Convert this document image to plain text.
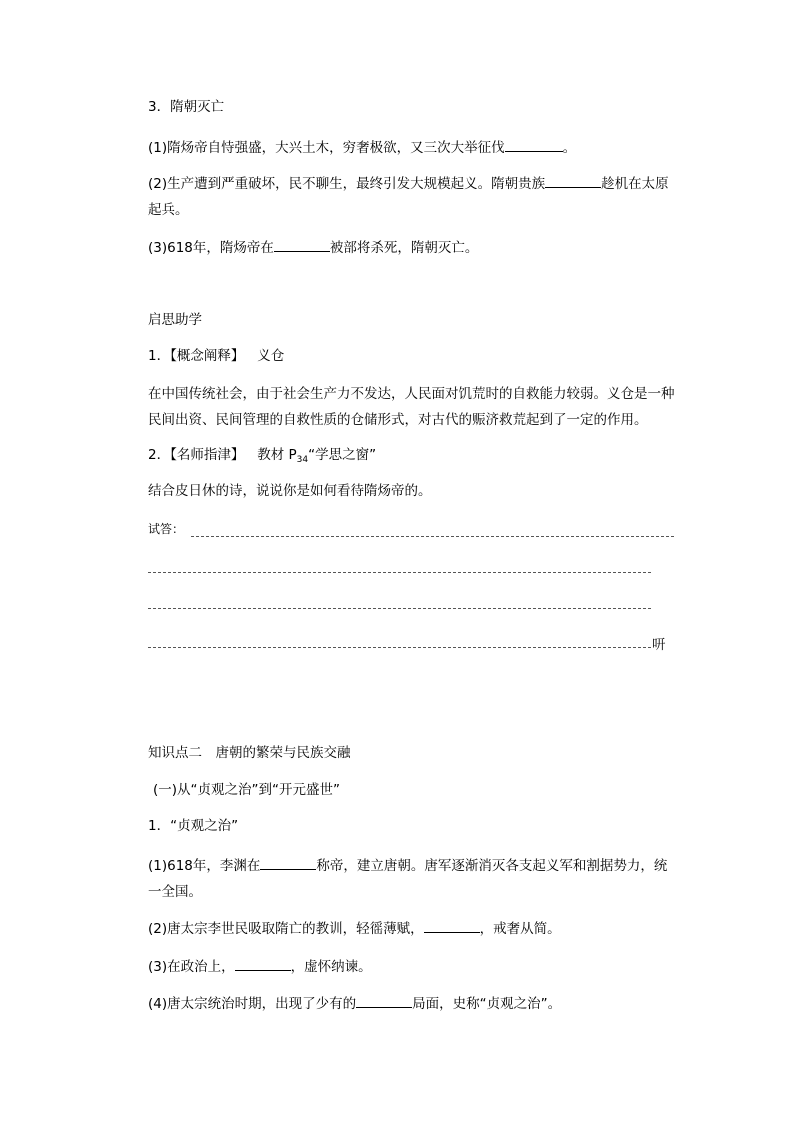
3．隋朝灭亡
(1)隋炀帝自恃强盛，大兴土木，穷奢极欲，又三次大举征伐	。
(2)生产遭到严重破坏，民不聊生，最终引发大规模起义。隋朝贵族	趁机在太原起兵。
(3)618年，隋炀帝在	被部将杀死，隋朝灭亡。
启思助学
1．【概念阐释】 义仓
在中国传统社会，由于社会生产力不发达，人民面对饥荒时的自救能力较弱。义仓是一种民间出资、民间管理的自救性质的仓储形式，对古代的赈济救荒起到了一定的作用。
2．【名师指津】 教材 $P_{34}“$学思之窗”
结合皮日休的诗，说说你是如何看待隋炀帝的。
试答：
咞
知识点二　唐朝的繁荣与民族交融
(一)从“贞观之治”到“开元盛世”
1．“贞观之治”
(1)618年，李渊在	称帝，建立唐朝。唐军逐渐消灭各支起义军和割据势力，统一全国。
(2)唐太宗李世民吸取隋亡的教训，轻徭薄赋，	，戒奢从简。
(3)在政治上，	，虚怀纳谏。
(4)唐太宗统治时期，出现了少有的	局面，史称“贞观之治”。
